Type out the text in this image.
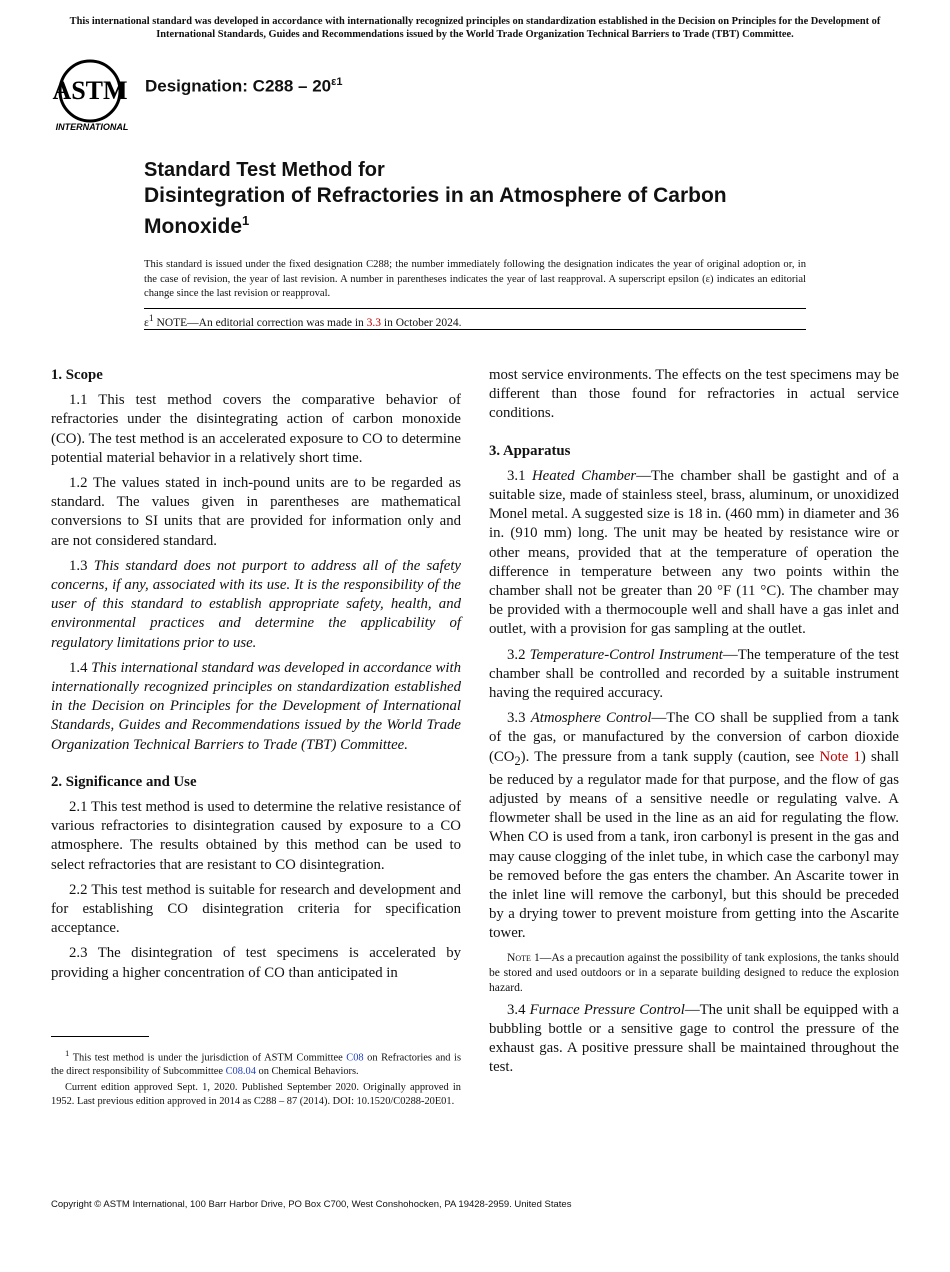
This international standard was developed in accordance with internationally recognized principles on standardization established in the Decision on Principles for the Development of International Standards, Guides and Recommendations issued by the World Trade Organization Technical Barriers to Trade (TBT) Committee.
ASTM
INTERNATIONAL
Designation: $C288 - 20^{\varepsilon 1}$
Standard Test Method for
Disintegration of Refractories in an Atmosphere of Carbon Monoxide$^1$
This standard is issued under the fixed designation C288; the number immediately following the designation indicates the year of original adoption or, in the case of revision, the year of last revision. A number in parentheses indicates the year of last reapproval. A superscript epsilon (ε) indicates an editorial change since the last revision or reapproval.
$\varepsilon^1$ NOTE—An editorial correction was made in 3.3 in October 2024.
1. Scope

1.1 This test method covers the comparative behavior of refractories under the disintegrating action of carbon monoxide (CO). The test method is an accelerated exposure to CO to determine potential material behavior in a relatively short time.

1.2 The values stated in inch-pound units are to be regarded as standard. The values given in parentheses are mathematical conversions to SI units that are provided for information only and are not considered standard.

1.3 This standard does not purport to address all of the safety concerns, if any, associated with its use. It is the responsibility of the user of this standard to establish appropriate safety, health, and environmental practices and determine the applicability of regulatory limitations prior to use.

1.4 This international standard was developed in accordance with internationally recognized principles on standardization established in the Decision on Principles for the Development of International Standards, Guides and Recommendations issued by the World Trade Organization Technical Barriers to Trade (TBT) Committee.

2. Significance and Use

2.1 This test method is used to determine the relative resistance of various refractories to disintegration caused by exposure to a CO atmosphere. The results obtained by this method can be used to select refractories that are resistant to CO disintegration.

2.2 This test method is suitable for research and development and for establishing CO disintegration criteria for specification acceptance.

2.3 The disintegration of test specimens is accelerated by providing a higher concentration of CO than anticipated in

most service environments. The effects on the test specimens may be different than those found for refractories in actual service conditions.

3. Apparatus

3.1 Heated Chamber—The chamber shall be gastight and of a suitable size, made of stainless steel, brass, aluminum, or unoxidized Monel metal. A suggested size is 18 in. (460 mm) in diameter and 36 in. (910 mm) long. The unit may be heated by resistance wire or other means, provided that at the temperature of operation the difference in temperature between any two points within the chamber shall not be greater than 20 °F (11 °C). The chamber may be provided with a thermocouple well and shall have a gas inlet and outlet, with a provision for gas sampling at the outlet.

3.2 Temperature-Control Instrument—The temperature of the test chamber shall be controlled and recorded by a suitable instrument having the required accuracy.

3.3 Atmosphere Control—The CO shall be supplied from a tank of the gas, or manufactured by the conversion of carbon dioxide $(CO_2)$. The pressure from a tank supply (caution, see Note 1) shall be reduced by a regulator made for that purpose, and the flow of gas adjusted by means of a sensitive needle or regulating valve. A flowmeter shall be used in the line as an aid for regulating the flow. When CO is used from a tank, iron carbonyl is present in the gas and may cause clogging of the inlet tube, in which case the carbonyl may be removed before the gas enters the chamber. An Ascarite tower in the inlet line will remove the carbonyl, but this should be preceded by a drying tower to prevent moisture from getting into the Ascarite tower.

Note 1—As a precaution against the possibility of tank explosions, the tanks should be stored and used outdoors or in a separate building designed to reduce the explosion hazard.

3.4 Furnace Pressure Control—The unit shall be equipped with a bubbling bottle or a sensitive gage to control the pressure of the exhaust gas. A positive pressure shall be maintained throughout the test.

$^1$ This test method is under the jurisdiction of ASTM Committee C08 on Refractories and is the direct responsibility of Subcommittee C08.04 on Chemical Behaviors.

Current edition approved Sept. 1, 2020. Published September 2020. Originally approved in 1952. Last previous edition approved in 2014 as C288 – 87 (2014). DOI: 10.1520/C0288-20E01.

Copyright © ASTM International, 100 Barr Harbor Drive, PO Box C700, West Conshohocken, PA 19428-2959. United States
